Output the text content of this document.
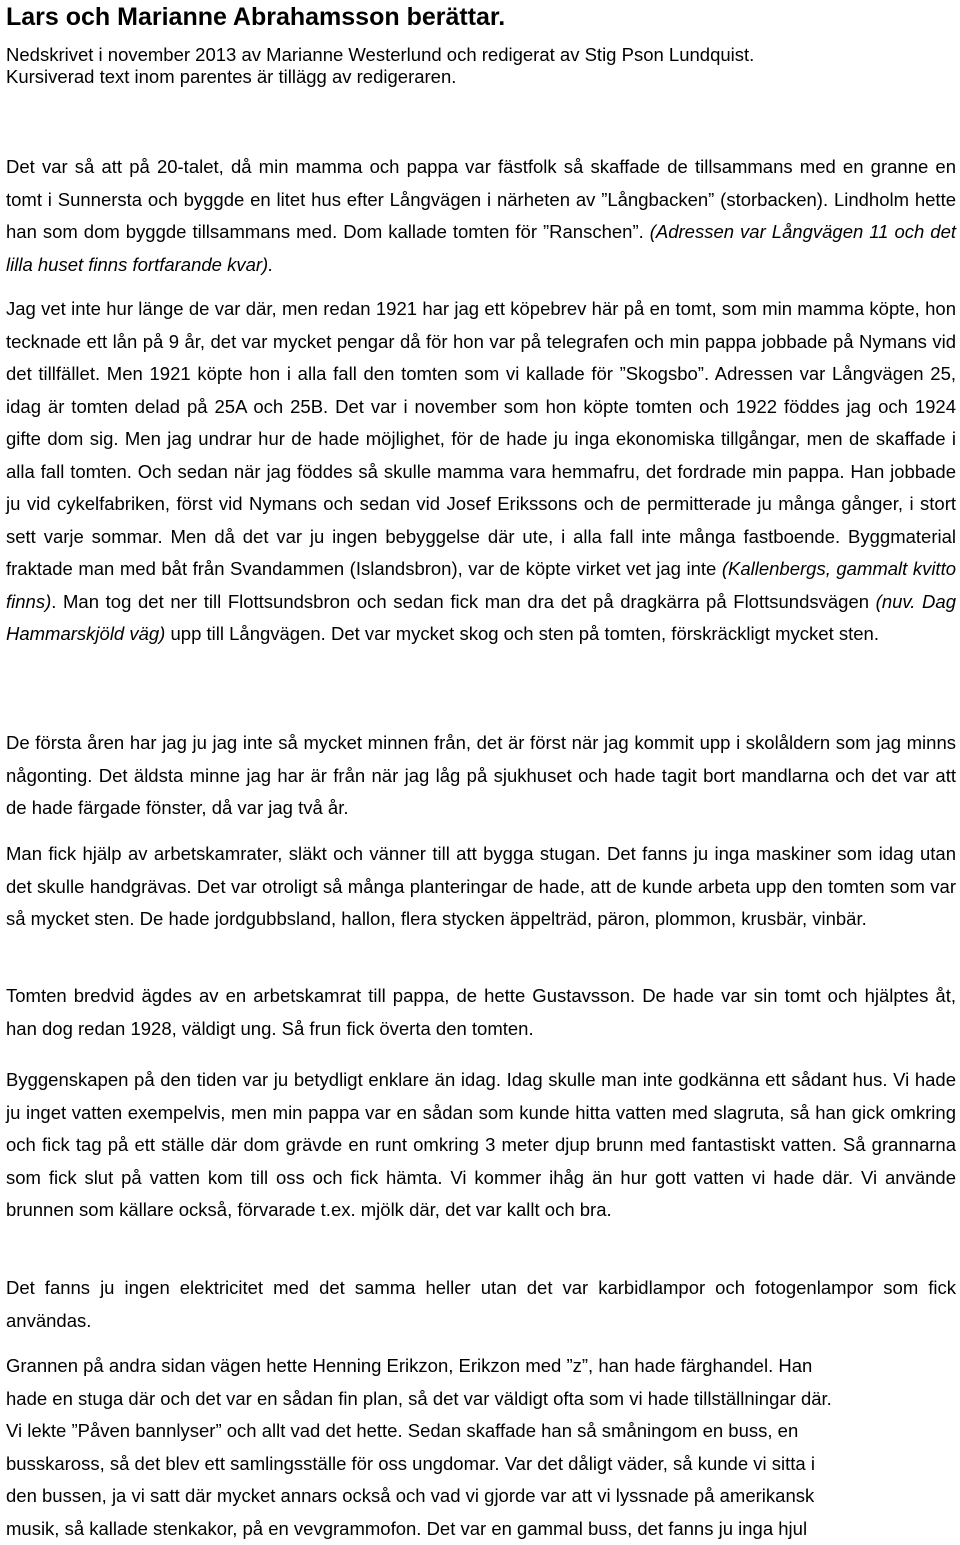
Lars och Marianne Abrahamsson berättar.
Nedskrivet i november 2013 av Marianne Westerlund och redigerat av Stig Pson Lundquist.
Kursiverad text inom parentes är tillägg av redigeraren.

Det var så att på 20-talet, då min mamma och pappa var fästfolk så skaffade de tillsammans med en granne en tomt i Sunnersta och byggde en litet hus efter Långvägen i närheten av ”Långbacken” (storbacken). Lindholm hette han som dom byggde tillsammans med. Dom kallade tomten för ”Ranschen”. (Adressen var Långvägen 11 och det lilla huset finns fortfarande kvar).

Jag vet inte hur länge de var där, men redan 1921 har jag ett köpebrev här på en tomt, som min mamma köpte, hon tecknade ett lån på 9 år, det var mycket pengar då för hon var på telegrafen och min pappa jobbade på Nymans vid det tillfället. Men 1921 köpte hon i alla fall den tomten som vi kallade för ”Skogsbo”. Adressen var Långvägen 25, idag är tomten delad på 25A och 25B. Det var i november som hon köpte tomten och 1922 föddes jag och 1924 gifte dom sig. Men jag undrar hur de hade möjlighet, för de hade ju inga ekonomiska tillgångar, men de skaffade i alla fall tomten. Och sedan när jag föddes så skulle mamma vara hemmafru, det fordrade min pappa. Han jobbade ju vid cykelfabriken, först vid Nymans och sedan vid Josef Erikssons och de permitterade ju många gånger, i stort sett varje sommar. Men då det var ju ingen bebyggelse där ute, i alla fall inte många fastboende. Byggmaterial fraktade man med båt från Svandammen (Islandsbron), var de köpte virket vet jag inte (Kallenbergs, gammalt kvitto finns). Man tog det ner till Flottsundsbron och sedan fick man dra det på dragkärra på Flottsundsvägen (nuv. Dag Hammarskjöld väg) upp till Långvägen. Det var mycket skog och sten på tomten, förskräckligt mycket sten.

De första åren har jag ju jag inte så mycket minnen från, det är först när jag kommit upp i skolåldern som jag minns någonting. Det äldsta minne jag har är från när jag låg på sjukhuset och hade tagit bort mandlarna och det var att de hade färgade fönster, då var jag två år.

Man fick hjälp av arbetskamrater, släkt och vänner till att bygga stugan. Det fanns ju inga maskiner som idag utan det skulle handgrävas. Det var otroligt så många planteringar de hade, att de kunde arbeta upp den tomten som var så mycket sten. De hade jordgubbsland, hallon, flera stycken äppelträd, päron, plommon, krusbär, vinbär.

Tomten bredvid ägdes av en arbetskamrat till pappa, de hette Gustavsson. De hade var sin tomt och hjälptes åt, han dog redan 1928, väldigt ung. Så frun fick överta den tomten.

Byggenskapen på den tiden var ju betydligt enklare än idag. Idag skulle man inte godkänna ett sådant hus. Vi hade ju inget vatten exempelvis, men min pappa var en sådan som kunde hitta vatten med slagruta, så han gick omkring och fick tag på ett ställe där dom grävde en runt omkring 3 meter djup brunn med fantastiskt vatten. Så grannarna som fick slut på vatten kom till oss och fick hämta. Vi kommer ihåg än hur gott vatten vi hade där. Vi använde brunnen som källare också, förvarade t.ex. mjölk där, det var kallt och bra.

Det fanns ju ingen elektricitet med det samma heller utan det var karbidlampor och fotogenlampor som fick användas.

Grannen på andra sidan vägen hette Henning Erikzon, Erikzon med ”z”, han hade färghandel. Han
hade en stuga där och det var en sådan fin plan, så det var väldigt ofta som vi hade tillställningar där.
Vi lekte ”Påven bannlyser” och allt vad det hette. Sedan skaffade han så småningom en buss, en
busskaross, så det blev ett samlingsställe för oss ungdomar. Var det dåligt väder, så kunde vi sitta i
den bussen, ja vi satt där mycket annars också och vad vi gjorde var att vi lyssnade på amerikansk
musik, så kallade stenkakor, på en vevgrammofon. Det var en gammal buss, det fanns ju inga hjul
